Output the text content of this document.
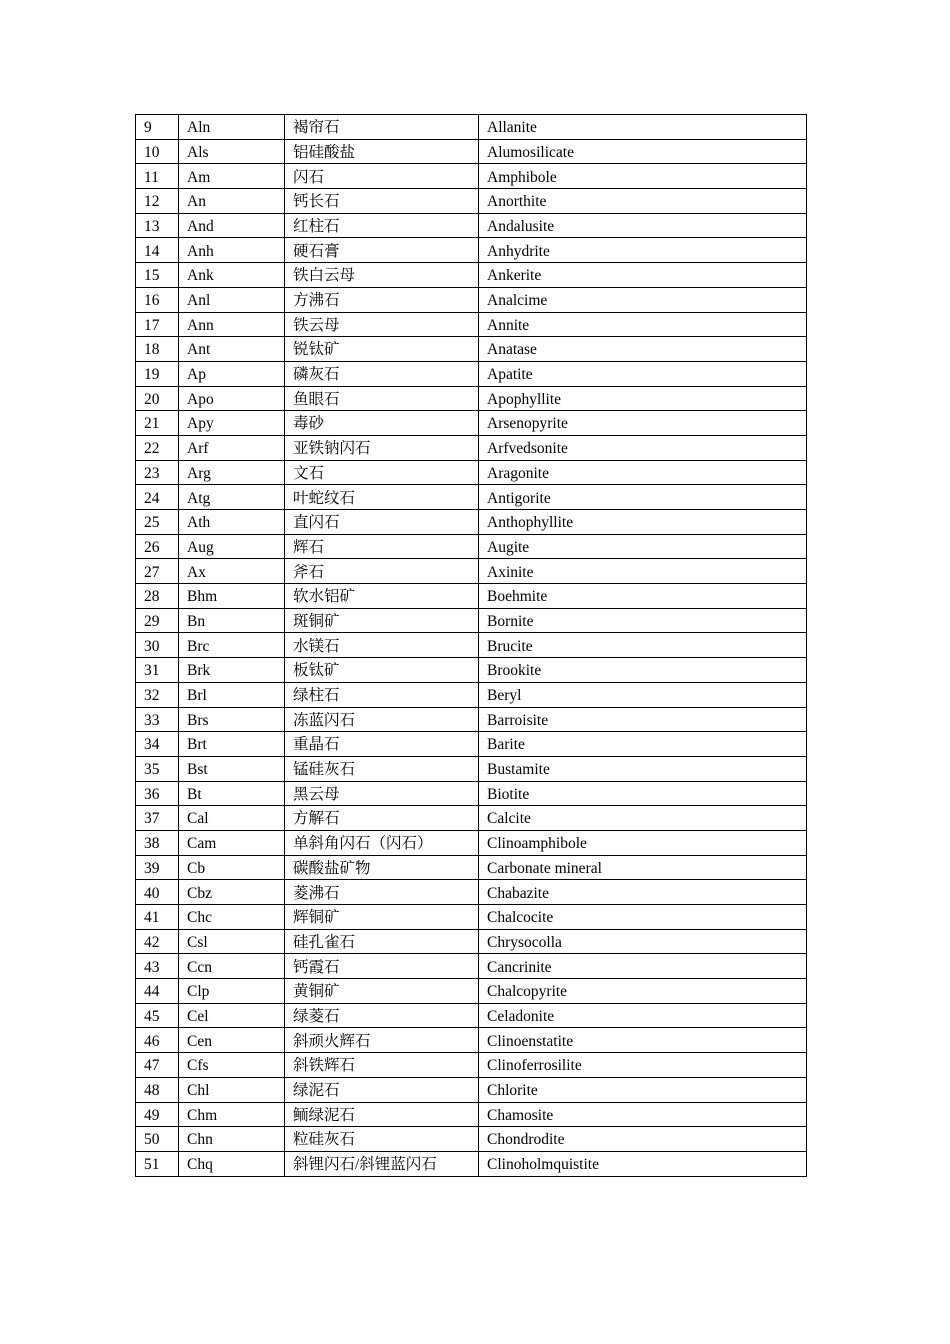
9	Aln	褐帘石	Allanite
10	Als	铝硅酸盐	Alumosilicate
11	Am	闪石	Amphibole
12	An	钙长石	Anorthite
13	And	红柱石	Andalusite
14	Anh	硬石膏	Anhydrite
15	Ank	铁白云母	Ankerite
16	Anl	方沸石	Analcime
17	Ann	铁云母	Annite
18	Ant	锐钛矿	Anatase
19	Ap	磷灰石	Apatite
20	Apo	鱼眼石	Apophyllite
21	Apy	毒砂	Arsenopyrite
22	Arf	亚铁钠闪石	Arfvedsonite
23	Arg	文石	Aragonite
24	Atg	叶蛇纹石	Antigorite
25	Ath	直闪石	Anthophyllite
26	Aug	辉石	Augite
27	Ax	斧石	Axinite
28	Bhm	软水铝矿	Boehmite
29	Bn	斑铜矿	Bornite
30	Brc	水镁石	Brucite
31	Brk	板钛矿	Brookite
32	Brl	绿柱石	Beryl
33	Brs	冻蓝闪石	Barroisite
34	Brt	重晶石	Barite
35	Bst	锰硅灰石	Bustamite
36	Bt	黑云母	Biotite
37	Cal	方解石	Calcite
38	Cam	单斜角闪石（闪石）	Clinoamphibole
39	Cb	碳酸盐矿物	Carbonate mineral
40	Cbz	菱沸石	Chabazite
41	Chc	辉铜矿	Chalcocite
42	Csl	硅孔雀石	Chrysocolla
43	Ccn	钙霞石	Cancrinite
44	Clp	黄铜矿	Chalcopyrite
45	Cel	绿菱石	Celadonite
46	Cen	斜顽火辉石	Clinoenstatite
47	Cfs	斜铁辉石	Clinoferrosilite
48	Chl	绿泥石	Chlorite
49	Chm	鲕绿泥石	Chamosite
50	Chn	粒硅灰石	Chondrodite
51	Chq	斜锂闪石/斜锂蓝闪石	Clinoholmquistite
